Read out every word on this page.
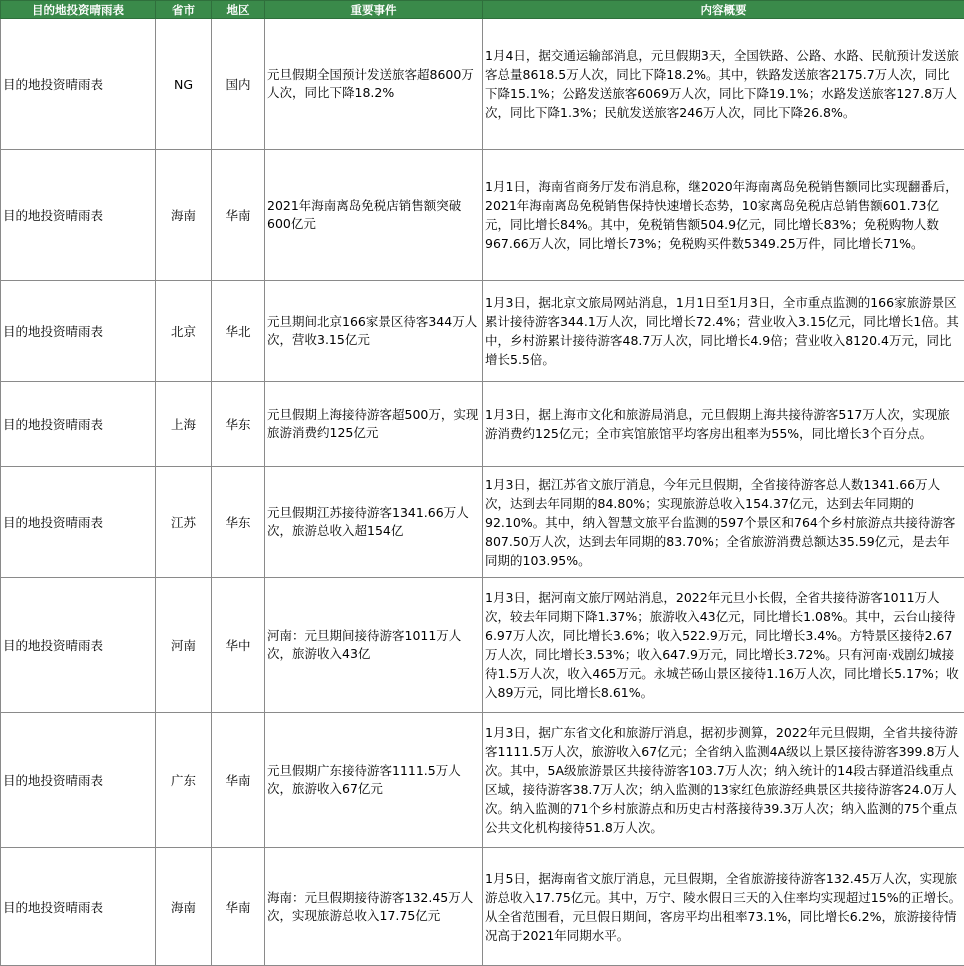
目的地投资晴雨表	省市	地区	重要事件	内容概要
目的地投资晴雨表	NG	国内	元旦假期全国预计发送旅客超8600万人次，同比下降18.2%	1月4日，据交通运输部消息，元旦假期3天，全国铁路、公路、水路、民航预计发送旅客总量8618.5万人次，同比下降18.2%。其中，铁路发送旅客2175.7万人次，同比下降15.1%；公路发送旅客6069万人次，同比下降19.1%；水路发送旅客127.8万人次，同比下降1.3%；民航发送旅客246万人次，同比下降26.8%。
目的地投资晴雨表	海南	华南	2021年海南离岛免税店销售额突破600亿元	1月1日，海南省商务厅发布消息称，继2020年海南离岛免税销售额同比实现翻番后，2021年海南离岛免税销售保持快速增长态势，10家离岛免税店总销售额601.73亿元，同比增长84%。其中，免税销售额504.9亿元，同比增长83%；免税购物人数967.66万人次，同比增长73%；免税购买件数5349.25万件，同比增长71%。
目的地投资晴雨表	北京	华北	元旦期间北京166家景区待客344万人次，营收3.15亿元	1月3日，据北京文旅局网站消息，1月1日至1月3日，全市重点监测的166家旅游景区累计接待游客344.1万人次，同比增长72.4%；营业收入3.15亿元，同比增长1倍。其中，乡村游累计接待游客48.7万人次，同比增长4.9倍；营业收入8120.4万元，同比增长5.5倍。
目的地投资晴雨表	上海	华东	元旦假期上海接待游客超500万，实现旅游消费约125亿元	1月3日，据上海市文化和旅游局消息，元旦假期上海共接待游客517万人次，实现旅游消费约125亿元；全市宾馆旅馆平均客房出租率为55%，同比增长3个百分点。
目的地投资晴雨表	江苏	华东	元旦假期江苏接待游客1341.66万人次，旅游总收入超154亿	1月3日，据江苏省文旅厅消息，今年元旦假期，全省接待游客总人数1341.66万人次，达到去年同期的84.80%；实现旅游总收入154.37亿元，达到去年同期的92.10%。其中，纳入智慧文旅平台监测的597个景区和764个乡村旅游点共接待游客807.50万人次，达到去年同期的83.70%；全省旅游消费总额达35.59亿元，是去年同期的103.95%。
目的地投资晴雨表	河南	华中	河南：元旦期间接待游客1011万人次，旅游收入43亿	1月3日，据河南文旅厅网站消息，2022年元旦小长假，全省共接待游客1011万人次，较去年同期下降1.37%；旅游收入43亿元，同比增长1.08%。其中，云台山接待6.97万人次，同比增长3.6%；收入522.9万元，同比增长3.4%。方特景区接待2.67万人次，同比增长3.53%；收入647.9万元，同比增长3.72%。只有河南·戏剧幻城接待1.5万人次，收入465万元。永城芒砀山景区接待1.16万人次，同比增长5.17%；收入89万元，同比增长8.61%。
目的地投资晴雨表	广东	华南	元旦假期广东接待游客1111.5万人次，旅游收入67亿元	1月3日，据广东省文化和旅游厅消息，据初步测算，2022年元旦假期，全省共接待游客1111.5万人次，旅游收入67亿元；全省纳入监测4A级以上景区接待游客399.8万人次。其中，5A级旅游景区共接待游客103.7万人次；纳入统计的14段古驿道沿线重点区域，接待游客38.7万人次；纳入监测的13家红色旅游经典景区共接待游客24.0万人次。纳入监测的71个乡村旅游点和历史古村落接待39.3万人次；纳入监测的75个重点公共文化机构接待51.8万人次。
目的地投资晴雨表	海南	华南	海南：元旦假期接待游客132.45万人次，实现旅游总收入17.75亿元	1月5日，据海南省文旅厅消息，元旦假期，全省旅游接待游客132.45万人次，实现旅游总收入17.75亿元。其中，万宁、陵水假日三天的入住率均实现超过15%的正增长。从全省范围看，元旦假日期间，客房平均出租率73.1%，同比增长6.2%，旅游接待情况高于2021年同期水平。
